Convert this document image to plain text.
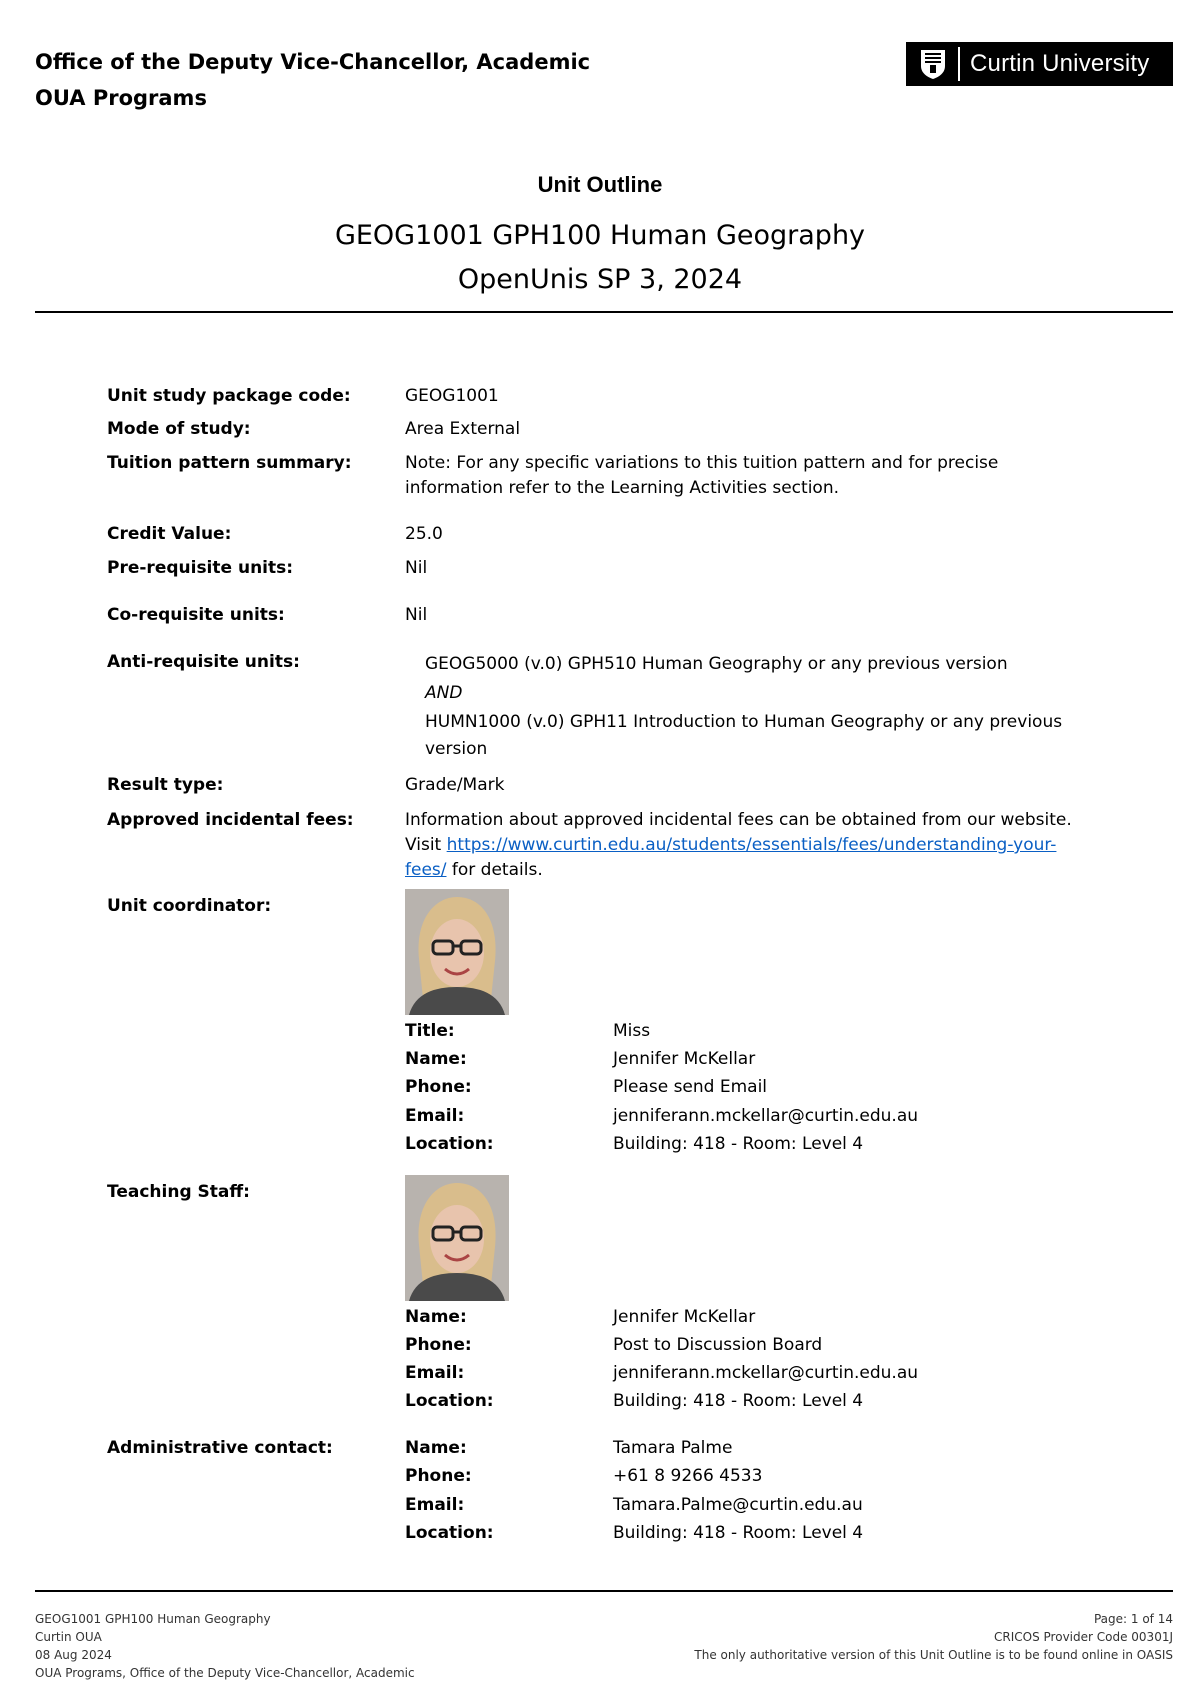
Office of the Deputy Vice-Chancellor, Academic
OUA Programs
Curtin University
Unit Outline
GEOG1001 GPH100 Human Geography
OpenUnis SP 3, 2024
Unit study package code:	GEOG1001
Mode of study:	Area External
Tuition pattern summary:	Note: For any specific variations to this tuition pattern and for precise
information refer to the Learning Activities section.
Credit Value:	25.0
Pre-requisite units:	Nil
Co-requisite units:	Nil
Anti-requisite units:	GEOG5000 (v.0) GPH510 Human Geography or any previous version
AND
HUMN1000 (v.0) GPH11 Introduction to Human Geography or any previous
version
Result type:	Grade/Mark
Approved incidental fees:	Information about approved incidental fees can be obtained from our website.
Visit https://www.curtin.edu.au/students/essentials/fees/understanding-your-
fees/ for details.
Unit coordinator:
Title:	Miss
Name:	Jennifer McKellar
Phone:	Please send Email
Email:	jenniferann.mckellar@curtin.edu.au
Location:	Building: 418 - Room: Level 4
Teaching Staff:
Name:	Jennifer McKellar
Phone:	Post to Discussion Board
Email:	jenniferann.mckellar@curtin.edu.au
Location:	Building: 418 - Room: Level 4
Administrative contact:	Name:	Tamara Palme
Phone:	+61 8 9266 4533
Email:	Tamara.Palme@curtin.edu.au
Location:	Building: 418 - Room: Level 4
GEOG1001 GPH100 Human Geography
Curtin OUA
08 Aug 2024
OUA Programs, Office of the Deputy Vice-Chancellor, Academic
Page: 1 of 14
CRICOS Provider Code 00301J
The only authoritative version of this Unit Outline is to be found online in OASIS
